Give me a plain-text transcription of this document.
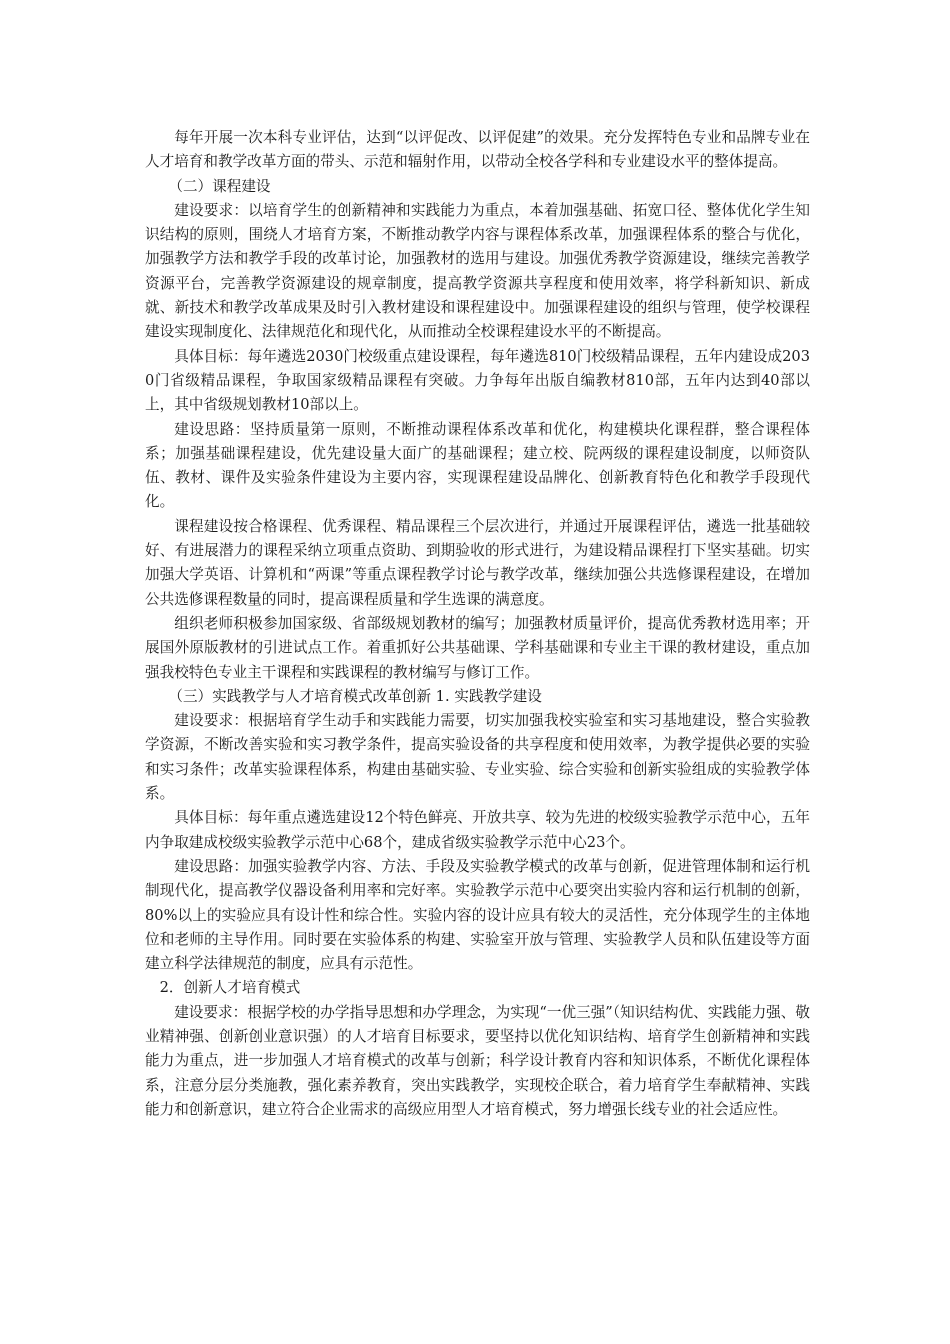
每年开展一次本科专业评估，达到“以评促改、以评促建”的效果。充分发挥特色专业和品牌专业在人才培育和教学改革方面的带头、示范和辐射作用，以带动全校各学科和专业建设水平的整体提高。

（二）课程建设

建设要求：以培育学生的创新精神和实践能力为重点，本着加强基础、拓宽口径、整体优化学生知识结构的原则，围绕人才培育方案，不断推动教学内容与课程体系改革，加强课程体系的整合与优化，加强教学方法和教学手段的改革讨论，加强教材的选用与建设。加强优秀教学资源建设，继续完善教学资源平台，完善教学资源建设的规章制度，提高教学资源共享程度和使用效率，将学科新知识、新成就、新技术和教学改革成果及时引入教材建设和课程建设中。加强课程建设的组织与管理，使学校课程建设实现制度化、法律规范化和现代化，从而推动全校课程建设水平的不断提高。

具体目标：每年遴选2030门校级重点建设课程，每年遴选810门校级精品课程，五年内建设成2030门省级精品课程，争取国家级精品课程有突破。力争每年出版自编教材810部，五年内达到40部以上，其中省级规划教材10部以上。

建设思路：坚持质量第一原则，不断推动课程体系改革和优化，构建模块化课程群，整合课程体系；加强基础课程建设，优先建设量大面广的基础课程；建立校、院两级的课程建设制度，以师资队伍、教材、课件及实验条件建设为主要内容，实现课程建设品牌化、创新教育特色化和教学手段现代化。

课程建设按合格课程、优秀课程、精品课程三个层次进行，并通过开展课程评估，遴选一批基础较好、有进展潜力的课程采纳立项重点资助、到期验收的形式进行，为建设精品课程打下坚实基础。切实加强大学英语、计算机和“两课”等重点课程教学讨论与教学改革，继续加强公共选修课程建设，在增加公共选修课程数量的同时，提高课程质量和学生选课的满意度。

组织老师积极参加国家级、省部级规划教材的编写；加强教材质量评价，提高优秀教材选用率；开展国外原版教材的引进试点工作。着重抓好公共基础课、学科基础课和专业主干课的教材建设，重点加强我校特色专业主干课程和实践课程的教材编写与修订工作。

（三）实践教学与人才培育模式改革创新 1. 实践教学建设

建设要求：根据培育学生动手和实践能力需要，切实加强我校实验室和实习基地建设，整合实验教学资源，不断改善实验和实习教学条件，提高实验设备的共享程度和使用效率，为教学提供必要的实验和实习条件；改革实验课程体系，构建由基础实验、专业实验、综合实验和创新实验组成的实验教学体系。

具体目标：每年重点遴选建设12个特色鲜亮、开放共享、较为先进的校级实验教学示范中心，五年内争取建成校级实验教学示范中心68个，建成省级实验教学示范中心23个。

建设思路：加强实验教学内容、方法、手段及实验教学模式的改革与创新，促进管理体制和运行机制现代化，提高教学仪器设备利用率和完好率。实验教学示范中心要突出实验内容和运行机制的创新，80%以上的实验应具有设计性和综合性。实验内容的设计应具有较大的灵活性，充分体现学生的主体地位和老师的主导作用。同时要在实验体系的构建、实验室开放与管理、实验教学人员和队伍建设等方面建立科学法律规范的制度，应具有示范性。

2．创新人才培育模式

建设要求：根据学校的办学指导思想和办学理念，为实现“一优三强”（知识结构优、实践能力强、敬业精神强、创新创业意识强）的人才培育目标要求，要坚持以优化知识结构、培育学生创新精神和实践能力为重点，进一步加强人才培育模式的改革与创新；科学设计教育内容和知识体系，不断优化课程体系，注意分层分类施教，强化素养教育，突出实践教学，实现校企联合，着力培育学生奉献精神、实践能力和创新意识，建立符合企业需求的高级应用型人才培育模式，努力增强长线专业的社会适应性。
